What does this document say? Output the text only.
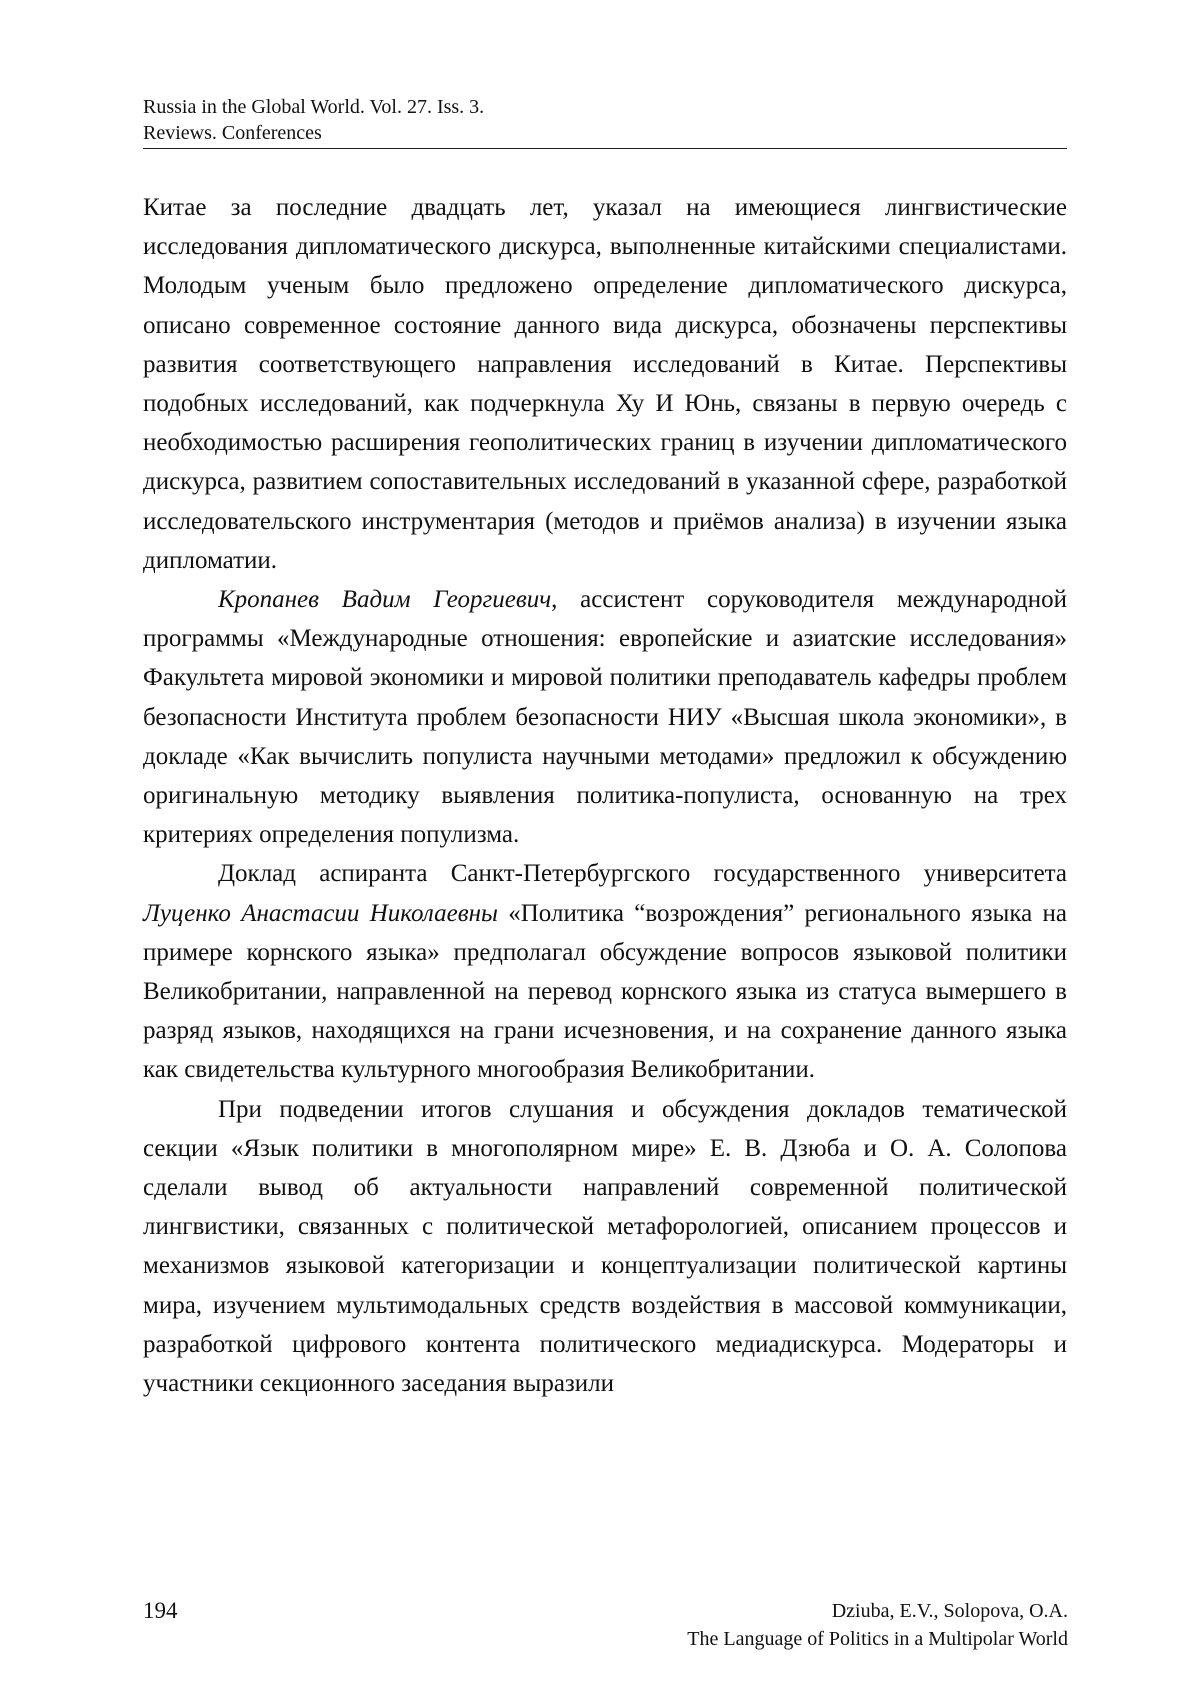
Russia in the Global World. Vol. 27. Iss. 3.
Reviews. Conferences

Китае за последние двадцать лет, указал на имеющиеся лингвистические исследования дипломатического дискурса, выполненные китайскими специалистами. Молодым ученым было предложено определение дипломатического дискурса, описано современное состояние данного вида дискурса, обозначены перспективы развития соответствующего направления исследований в Китае. Перспективы подобных исследований, как подчеркнула Ху И Юнь, связаны в первую очередь с необходимостью расширения геополитических границ в изучении дипломатического дискурса, развитием сопоставительных исследований в указанной сфере, разработкой исследовательского инструментария (методов и приёмов анализа) в изучении языка дипломатии.

Кропанев Вадим Георгиевич, ассистент соруководителя международной программы «Международные отношения: европейские и азиатские исследования» Факультета мировой экономики и мировой политики преподаватель кафедры проблем безопасности Института проблем безопасности НИУ «Высшая школа экономики», в докладе «Как вычислить популиста научными методами» предложил к обсуждению оригинальную методику выявления политика-популиста, основанную на трех критериях определения популизма.

Доклад аспиранта Санкт-Петербургского государственного университета Луценко Анастасии Николаевны «Политика “возрождения” регионального языка на примере корнского языка» предполагал обсуждение вопросов языковой политики Великобритании, направленной на перевод корнского языка из статуса вымершего в разряд языков, находящихся на грани исчезновения, и на сохранение данного языка как свидетельства культурного многообразия Великобритании.

При подведении итогов слушания и обсуждения докладов тематической секции «Язык политики в многополярном мире» Е. В. Дзюба и О. А. Солопова сделали вывод об актуальности направлений современной политической лингвистики, связанных с политической метафорологией, описанием процессов и механизмов языковой категоризации и концептуализации политической картины мира, изучением мультимодальных средств воздействия в массовой коммуникации, разработкой цифрового контента политического медиадискурса. Модераторы и участники секционного заседания выразили

194	Dziuba, E.V., Solopova, O.A.
The Language of Politics in a Multipolar World
